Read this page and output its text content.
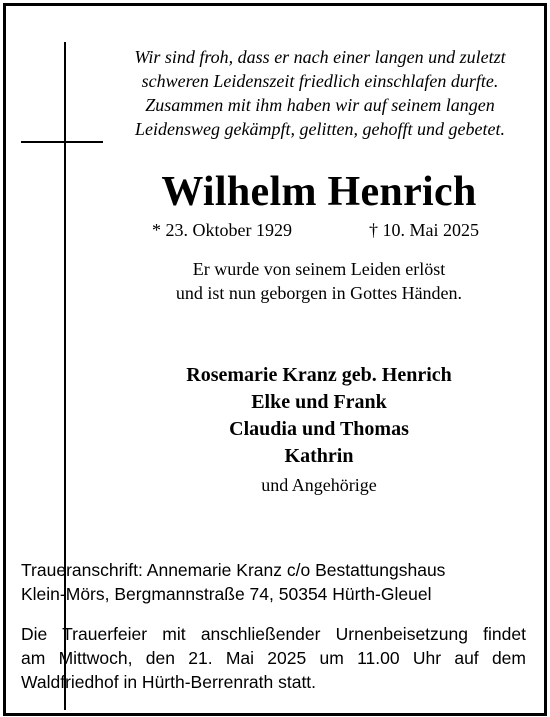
Wir sind froh, dass er nach einer langen und zuletzt
schweren Leidenszeit friedlich einschlafen durfte.
Zusammen mit ihm haben wir auf seinem langen
Leidensweg gekämpft, gelitten, gehofft und gebetet.
Wilhelm Henrich
* 23. Oktober 1929	† 10. Mai 2025
Er wurde von seinem Leiden erlöst
und ist nun geborgen in Gottes Händen.
Rosemarie Kranz geb. Henrich
Elke und Frank
Claudia und Thomas
Kathrin
und Angehörige
Traueranschrift: Annemarie Kranz c/o Bestattungshaus
Klein-Mörs, Bergmannstraße 74, 50354 Hürth-Gleuel
Die Trauerfeier mit anschließender Urnenbeisetzung findet
am Mittwoch, den 21. Mai 2025 um 11.00 Uhr auf dem
Waldfriedhof in Hürth-Berrenrath statt.
